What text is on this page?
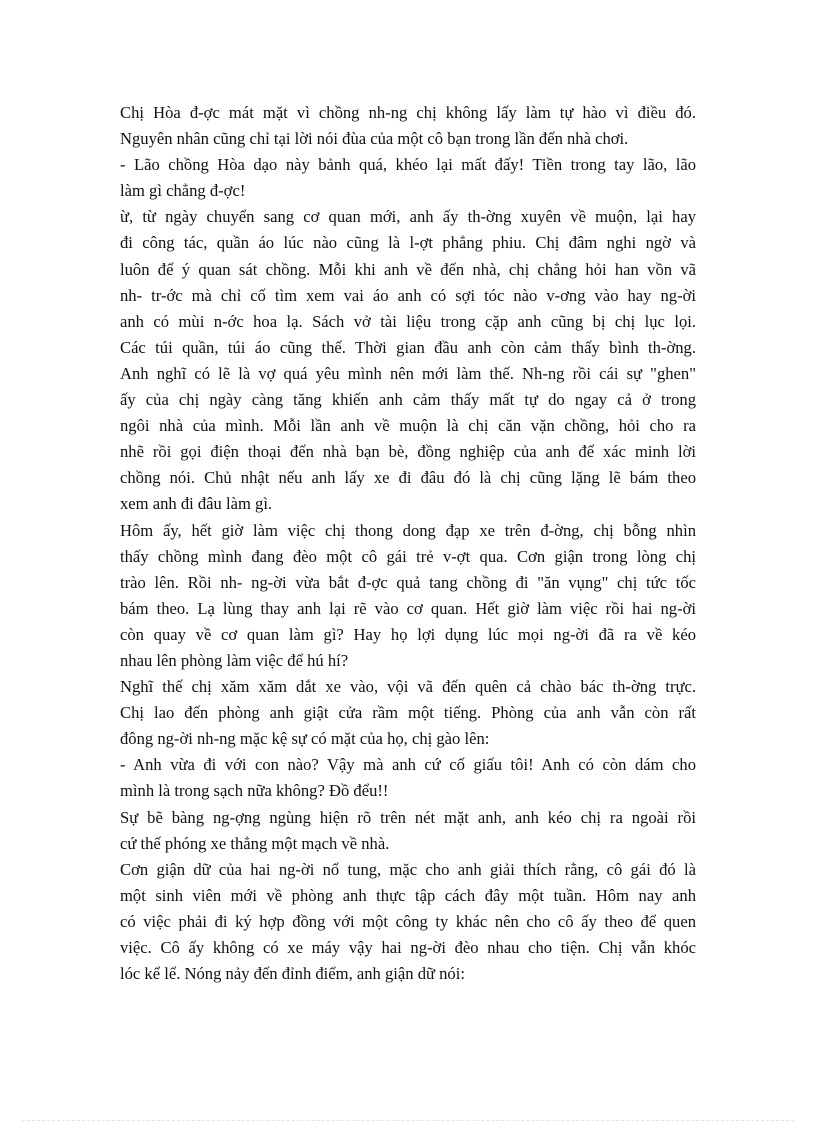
Chị Hòa đ-ợc mát mặt vì chồng nh-ng chị không lấy làm tự hào vì điều đó.
Nguyên nhân cũng chỉ tại lời nói đùa của một cô bạn trong lần đến nhà chơi.
- Lão chồng Hòa dạo này bảnh quá, khéo lại mất đấy! Tiền trong tay lão, lão
làm gì chẳng đ-ợc!
ừ, từ ngày chuyển sang cơ quan mới, anh ấy th-ờng xuyên về muộn, lại hay
đi công tác, quần áo lúc nào cũng là l-ợt phẳng phiu. Chị đâm nghi ngờ và
luôn để ý quan sát chồng. Mỗi khi anh về đến nhà, chị chẳng hỏi han vồn vã
nh- tr-ớc mà chỉ cố tìm xem vai áo anh có sợi tóc nào v-ơng vào hay ng-ời
anh có mùi n-ớc hoa lạ. Sách vở tài liệu trong cặp anh cũng bị chị lục lọi.
Các túi quần, túi áo cũng thế. Thời gian đầu anh còn cảm thấy bình th-ờng.
Anh nghĩ có lẽ là vợ quá yêu mình nên mới làm thế. Nh-ng rồi cái sự "ghen"
ấy của chị ngày càng tăng khiến anh cảm thấy mất tự do ngay cả ở trong
ngôi nhà của mình. Mỗi lần anh về muộn là chị căn vặn chồng, hỏi cho ra
nhẽ rồi gọi điện thoại đến nhà bạn bè, đồng nghiệp của anh để xác minh lời
chồng nói. Chủ nhật nếu anh lấy xe đi đâu đó là chị cũng lặng lẽ bám theo
xem anh đi đâu làm gì.
Hôm ấy, hết giờ làm việc chị thong dong đạp xe trên đ-ờng, chị bỗng nhìn
thấy chồng mình đang đèo một cô gái trẻ v-ợt qua. Cơn giận trong lòng chị
trào lên. Rồi nh- ng-ời vừa bắt đ-ợc quả tang chồng đi "ăn vụng" chị tức tốc
bám theo. Lạ lùng thay anh lại rẽ vào cơ quan. Hết giờ làm việc rồi hai ng-ời
còn quay về cơ quan làm gì? Hay họ lợi dụng lúc mọi ng-ời đã ra về kéo
nhau lên phòng làm việc để hú hí?
Nghĩ thế chị xăm xăm dắt xe vào, vội vã đến quên cả chào bác th-ờng trực.
Chị lao đến phòng anh giật cửa rầm một tiếng. Phòng của anh vẫn còn rất
đông ng-ời nh-ng mặc kệ sự có mặt của họ, chị gào lên:
- Anh vừa đi với con nào? Vậy mà anh cứ cố giấu tôi! Anh có còn dám cho
mình là trong sạch nữa không? Đồ đểu!!
Sự bẽ bàng ng-ợng ngùng hiện rõ trên nét mặt anh, anh kéo chị ra ngoài rồi
cứ thế phóng xe thẳng một mạch về nhà.
Cơn giận dữ của hai ng-ời nổ tung, mặc cho anh giải thích rằng, cô gái đó là
một sinh viên mới về phòng anh thực tập cách đây một tuần. Hôm nay anh
có việc phải đi ký hợp đồng với một công ty khác nên cho cô ấy theo để quen
việc. Cô ấy không có xe máy vậy hai ng-ời đèo nhau cho tiện. Chị vẫn khóc
lóc kể lể. Nóng nảy đến đỉnh điểm, anh giận dữ nói:
